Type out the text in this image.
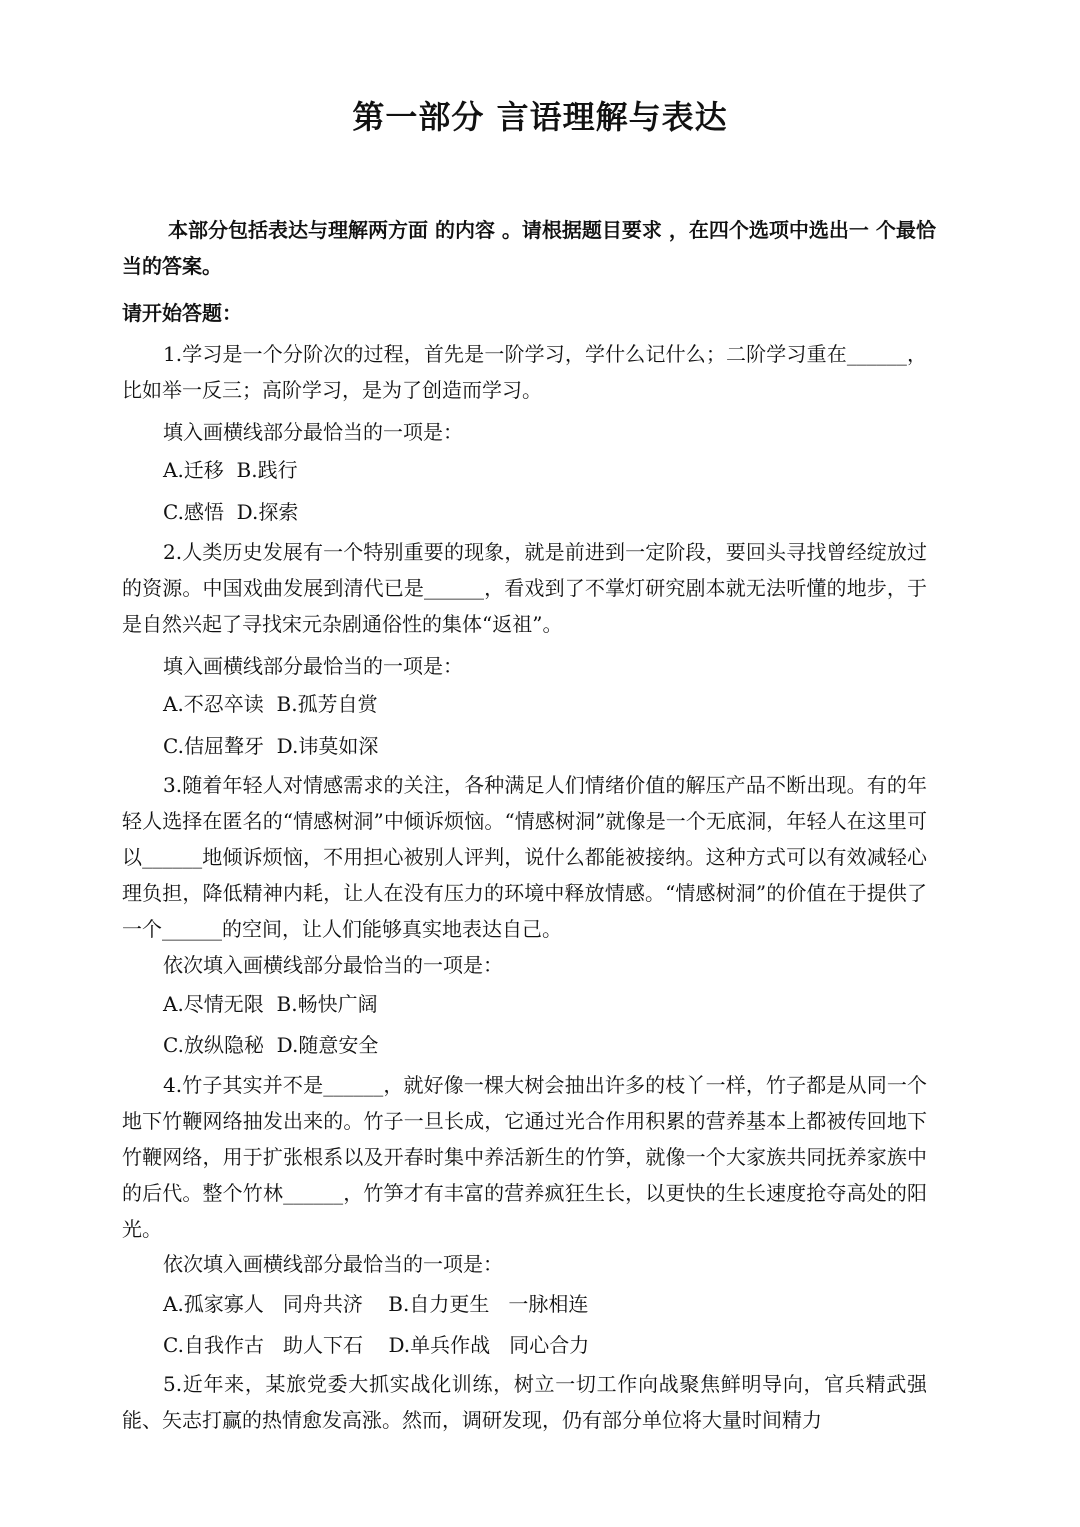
第一部分 言语理解与表达
本部分包括表达与理解两方面 的内容 。请根据题目要求 ，在四个选项中选出一 个最恰当的答案。
请开始答题：
1.学习是一个分阶次的过程，首先是一阶学习，学什么记什么；二阶学习重在______，比如举一反三；高阶学习，是为了创造而学习。
填入画横线部分最恰当的一项是：
A.迁移  B.践行
C.感悟  D.探索
2.人类历史发展有一个特别重要的现象，就是前进到一定阶段，要回头寻找曾经绽放过的资源。中国戏曲发展到清代已是______，看戏到了不掌灯研究剧本就无法听懂的地步，于是自然兴起了寻找宋元杂剧通俗性的集体“返祖”。
填入画横线部分最恰当的一项是：
A.不忍卒读  B.孤芳自赏
C.佶屈聱牙  D.讳莫如深
3.随着年轻人对情感需求的关注，各种满足人们情绪价值的解压产品不断出现。有的年轻人选择在匿名的“情感树洞”中倾诉烦恼。“情感树洞”就像是一个无底洞，年轻人在这里可以______地倾诉烦恼，不用担心被别人评判，说什么都能被接纳。这种方式可以有效减轻心理负担，降低精神内耗，让人在没有压力的环境中释放情感。“情感树洞”的价值在于提供了一个______的空间，让人们能够真实地表达自己。
依次填入画横线部分最恰当的一项是：
A.尽情无限  B.畅快广阔
C.放纵隐秘  D.随意安全
4.竹子其实并不是______，就好像一棵大树会抽出许多的枝丫一样，竹子都是从同一个地下竹鞭网络抽发出来的。竹子一旦长成，它通过光合作用积累的营养基本上都被传回地下竹鞭网络，用于扩张根系以及开春时集中养活新生的竹笋，就像一个大家族共同抚养家族中的后代。整个竹林______，竹笋才有丰富的营养疯狂生长，以更快的生长速度抢夺高处的阳光。
依次填入画横线部分最恰当的一项是：
A.孤家寡人   同舟共济    B.自力更生   一脉相连
C.自我作古   助人下石    D.单兵作战   同心合力
5.近年来，某旅党委大抓实战化训练，树立一切工作向战聚焦鲜明导向，官兵精武强能、矢志打赢的热情愈发高涨。然而，调研发现，仍有部分单位将大量时间精力
